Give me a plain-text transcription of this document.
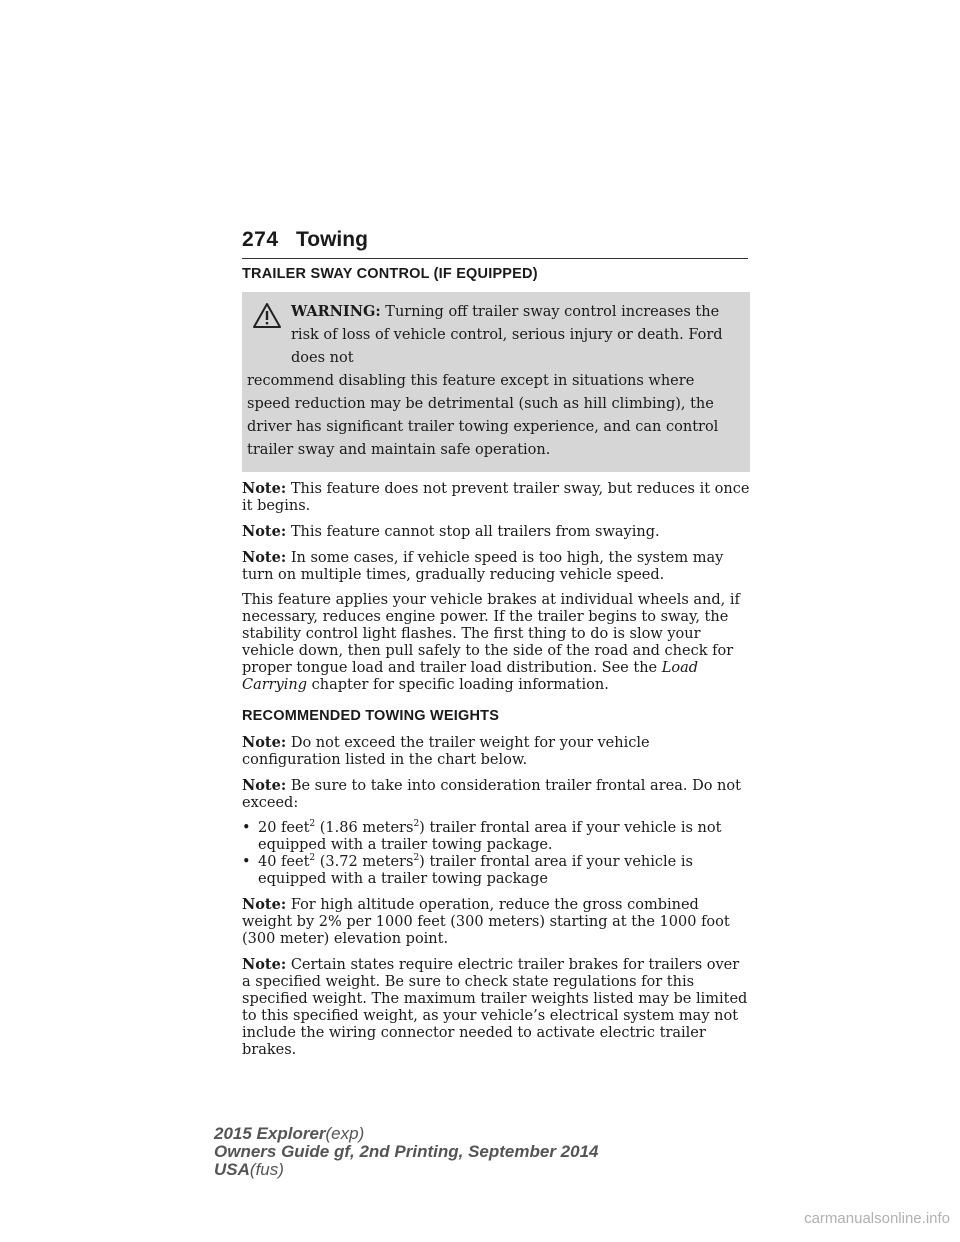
274 Towing
TRAILER SWAY CONTROL (IF EQUIPPED)
WARNING: Turning off trailer sway control increases the risk of loss of vehicle control, serious injury or death. Ford does not
recommend disabling this feature except in situations where speed reduction may be detrimental (such as hill climbing), the driver has significant trailer towing experience, and can control trailer sway and maintain safe operation.

Note: This feature does not prevent trailer sway, but reduces it once it begins.

Note: This feature cannot stop all trailers from swaying.

Note: In some cases, if vehicle speed is too high, the system may turn on multiple times, gradually reducing vehicle speed.

This feature applies your vehicle brakes at individual wheels and, if necessary, reduces engine power. If the trailer begins to sway, the stability control light flashes. The first thing to do is slow your vehicle down, then pull safely to the side of the road and check for proper tongue load and trailer load distribution. See the Load Carrying chapter for specific loading information.

RECOMMENDED TOWING WEIGHTS

Note: Do not exceed the trailer weight for your vehicle configuration listed in the chart below.

Note: Be sure to take into consideration trailer frontal area. Do not exceed:

• 20 feet$^2$ (1.86 meters$^2$) trailer frontal area if your vehicle is not equipped with a trailer towing package.
• 40 feet$^2$ (3.72 meters$^2$) trailer frontal area if your vehicle is equipped with a trailer towing package

Note: For high altitude operation, reduce the gross combined weight by 2% per 1000 feet (300 meters) starting at the 1000 foot (300 meter) elevation point.

Note: Certain states require electric trailer brakes for trailers over a specified weight. Be sure to check state regulations for this specified weight. The maximum trailer weights listed may be limited to this specified weight, as your vehicle’s electrical system may not include the wiring connector needed to activate electric trailer brakes.

2015 Explorer(exp)
Owners Guide gf, 2nd Printing, September 2014
USA(fus)
carmanualsonline.info
